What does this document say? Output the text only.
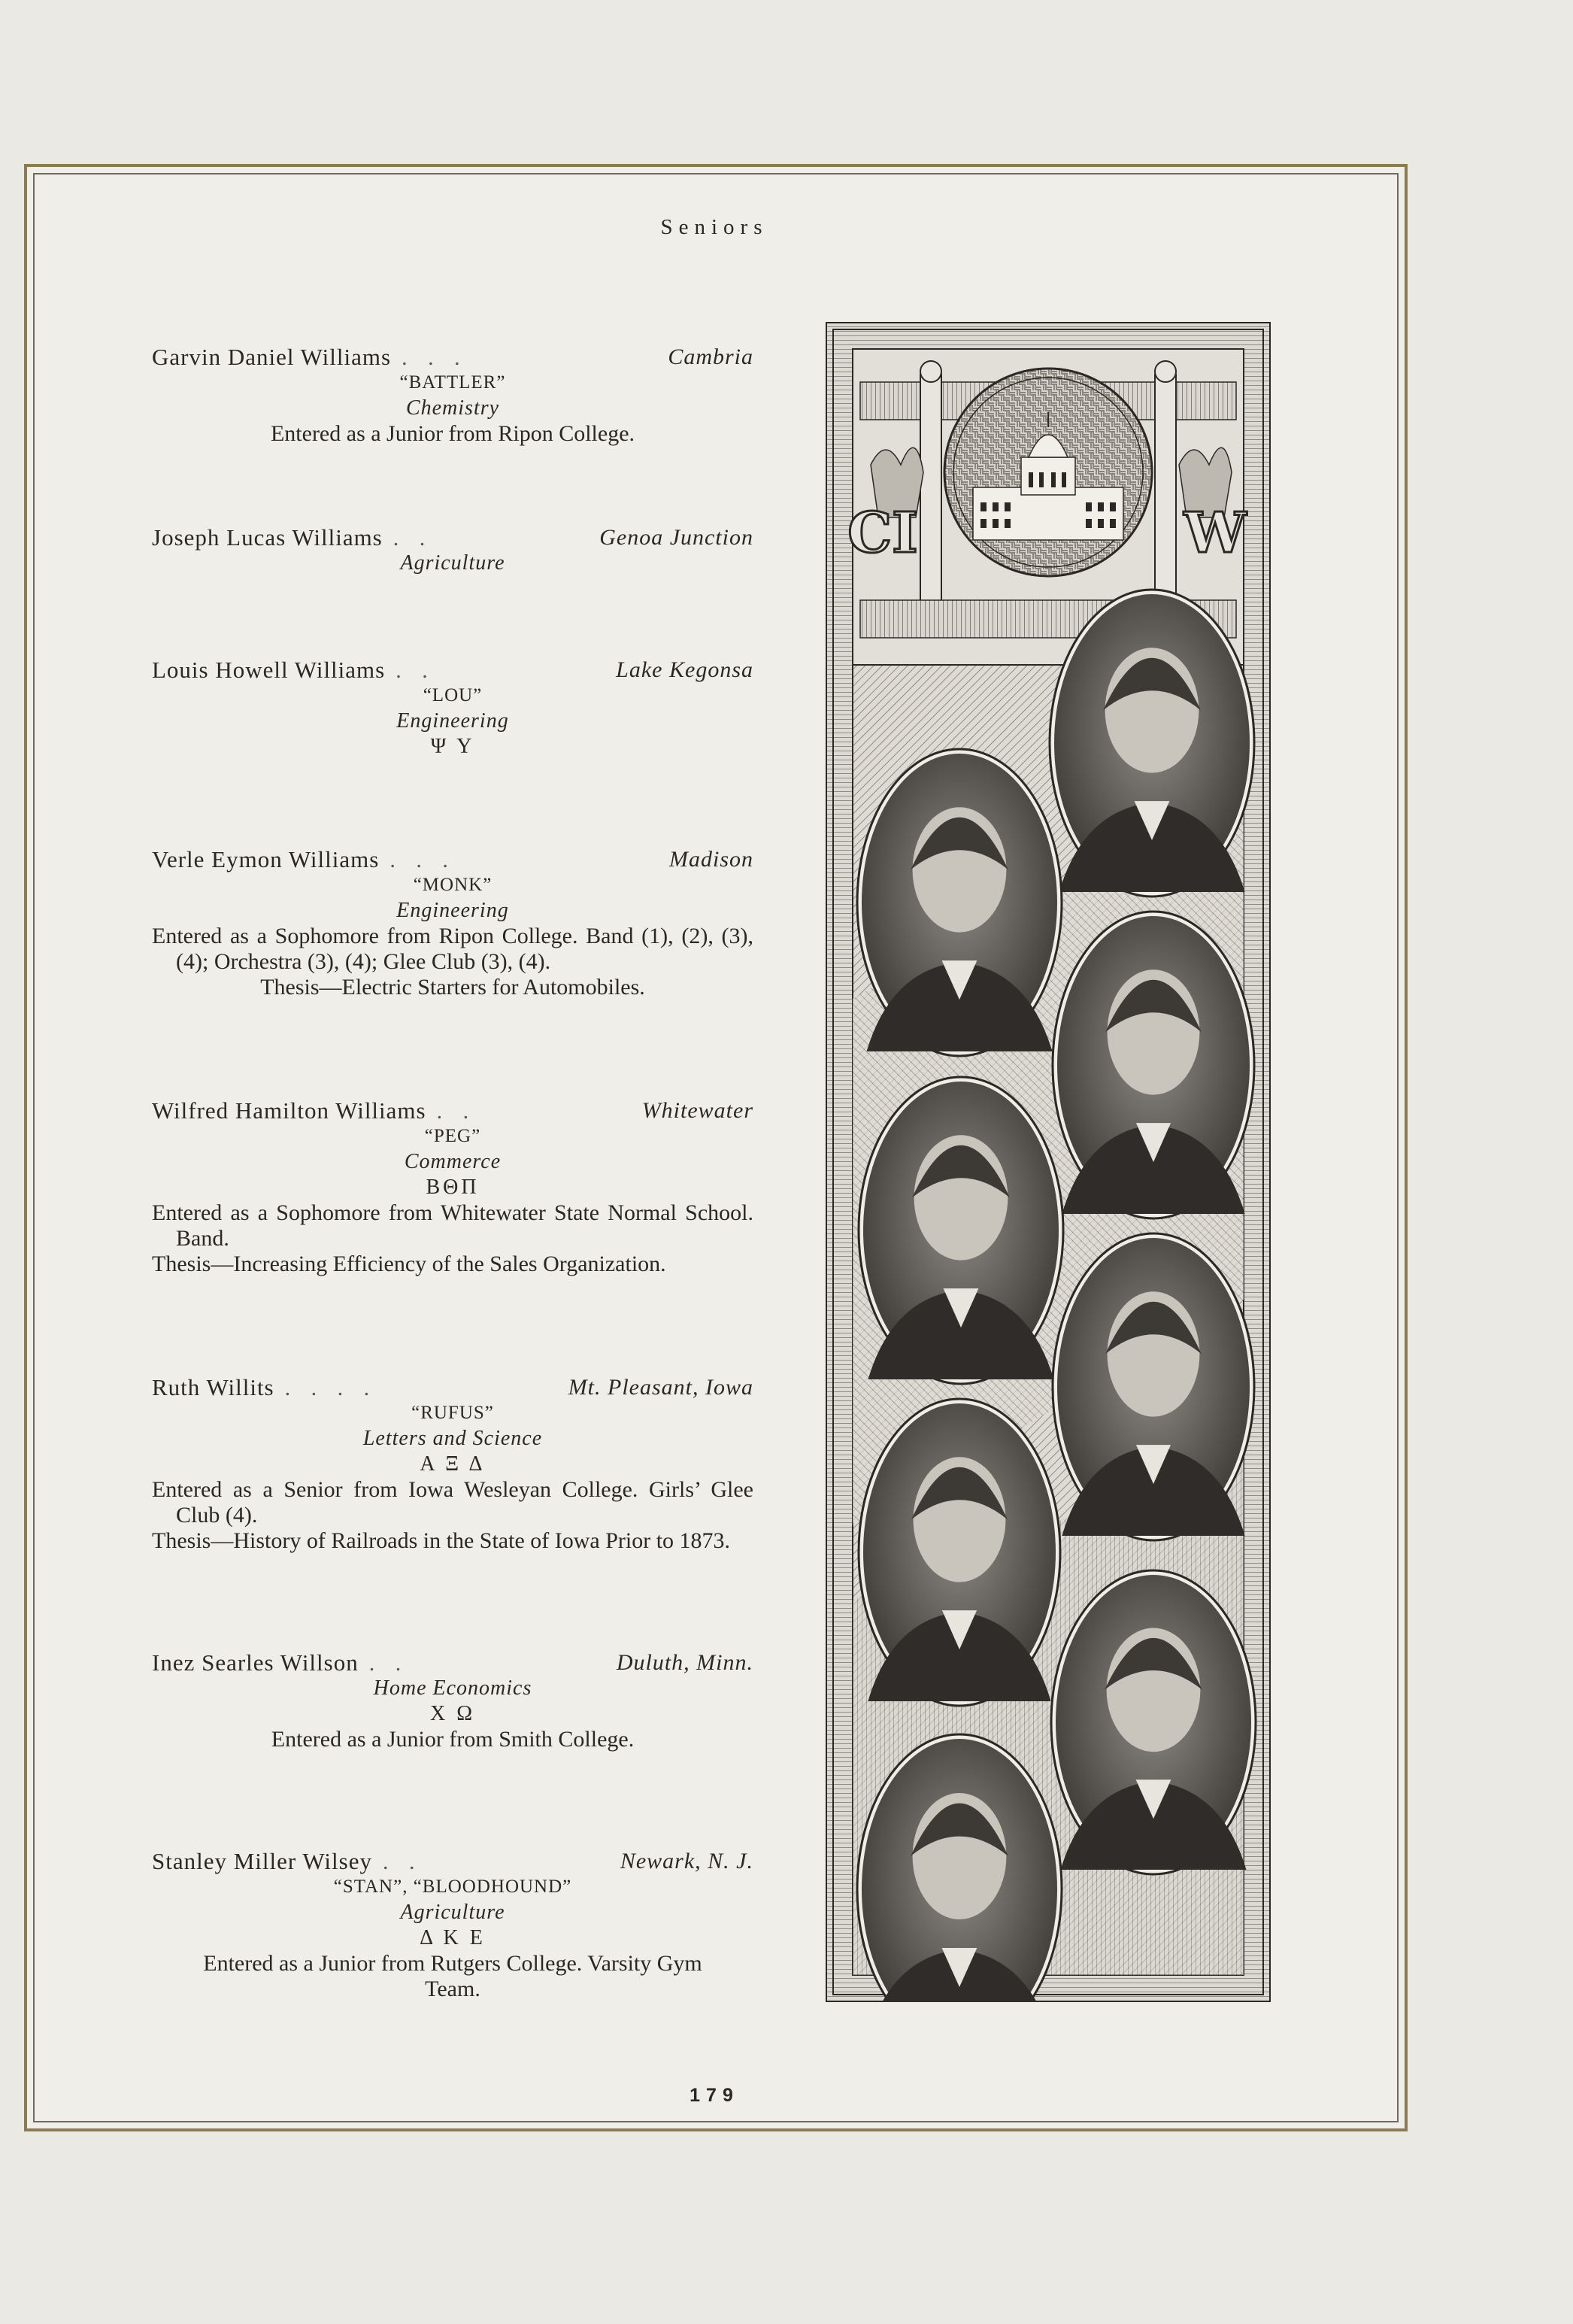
Seniors
Garvin Daniel Williams . . .	Cambria
“BATTLER”
Chemistry
Entered as a Junior from Ripon College.
Joseph Lucas Williams . .	Genoa Junction
Agriculture
Louis Howell Williams . .	Lake Kegonsa
“LOU”
Engineering
Ψ Υ
Verle Eymon Williams . . .	Madison
“MONK”
Engineering
Entered as a Sophomore from Ripon College. Band (1), (2), (3), (4); Orchestra (3), (4); Glee Club (3), (4).
Thesis—Electric Starters for Automobiles.
Wilfred Hamilton Williams . .	Whitewater
“PEG”
Commerce
BΘΠ
Entered as a Sophomore from Whitewater State Normal School. Band.
Thesis—Increasing Efficiency of the Sales Organization.
Ruth Willits . . . .	Mt. Pleasant, Iowa
“RUFUS”
Letters and Science
A Ξ Δ
Entered as a Senior from Iowa Wesleyan College. Girls’ Glee Club (4).
Thesis—History of Railroads in the State of Iowa Prior to 1873.
Inez Searles Willson . .	Duluth, Minn.
Home Economics
X Ω
Entered as a Junior from Smith College.
Stanley Miller Wilsey . .	Newark, N. J.
“STAN”, “BLOODHOUND”
Agriculture
Δ K E
Entered as a Junior from Rutgers College. Varsity Gym Team.
CI	W
179
